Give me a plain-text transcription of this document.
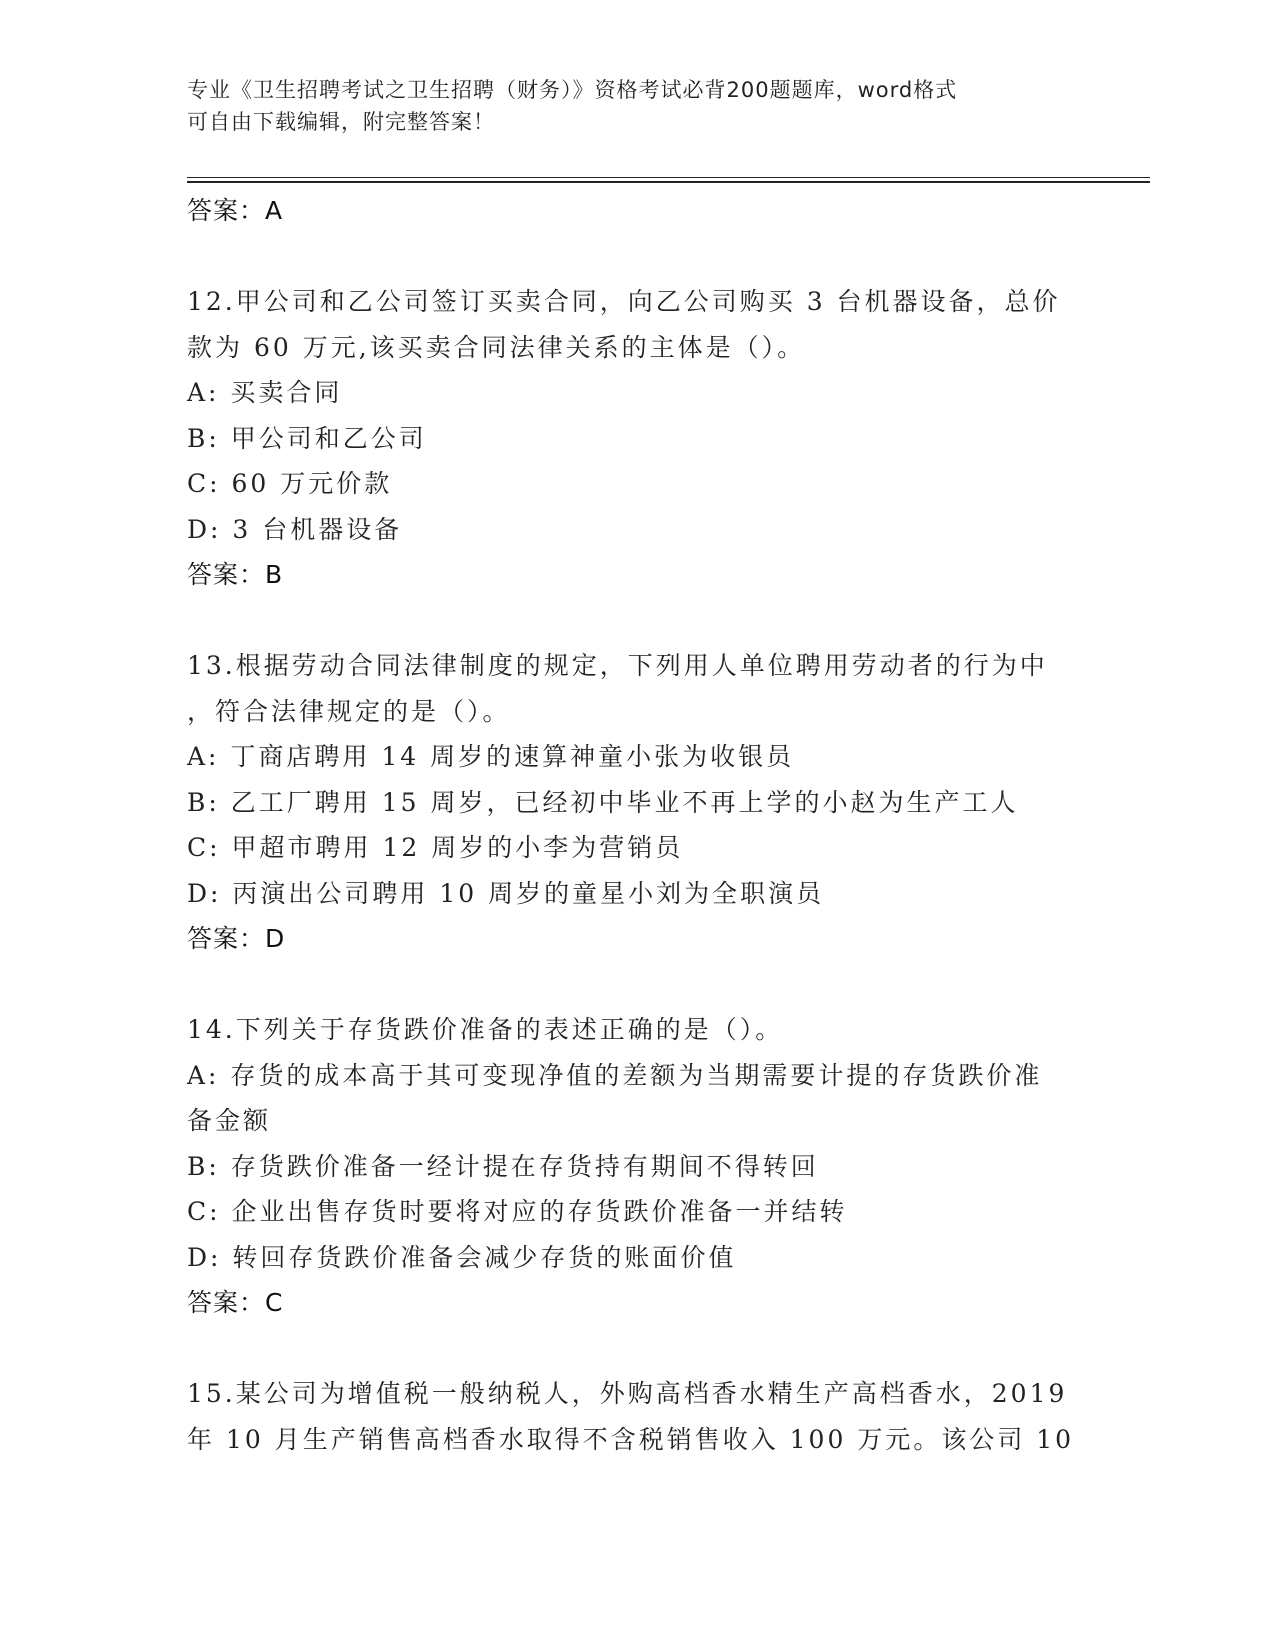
专业《卫生招聘考试之卫生招聘（财务）》资格考试必背200题题库，word格式

可自由下载编辑，附完整答案！

答案：A
12.甲公司和乙公司签订买卖合同，向乙公司购买 3 台机器设备，总价
款为 60 万元,该买卖合同法律关系的主体是（）。
A: 买卖合同
B: 甲公司和乙公司
C: 60 万元价款
D: 3 台机器设备
答案：B
13.根据劳动合同法律制度的规定，下列用人单位聘用劳动者的行为中
，符合法律规定的是（）。
A: 丁商店聘用 14 周岁的速算神童小张为收银员
B: 乙工厂聘用 15 周岁，已经初中毕业不再上学的小赵为生产工人
C: 甲超市聘用 12 周岁的小李为营销员
D: 丙演出公司聘用 10 周岁的童星小刘为全职演员
答案：D
14.下列关于存货跌价准备的表述正确的是（）。
A: 存货的成本高于其可变现净值的差额为当期需要计提的存货跌价准
备金额
B: 存货跌价准备一经计提在存货持有期间不得转回
C: 企业出售存货时要将对应的存货跌价准备一并结转
D: 转回存货跌价准备会减少存货的账面价值
答案：C
15.某公司为增值税一般纳税人，外购高档香水精生产高档香水，2019
年 10 月生产销售高档香水取得不含税销售收入 100 万元。该公司 10
